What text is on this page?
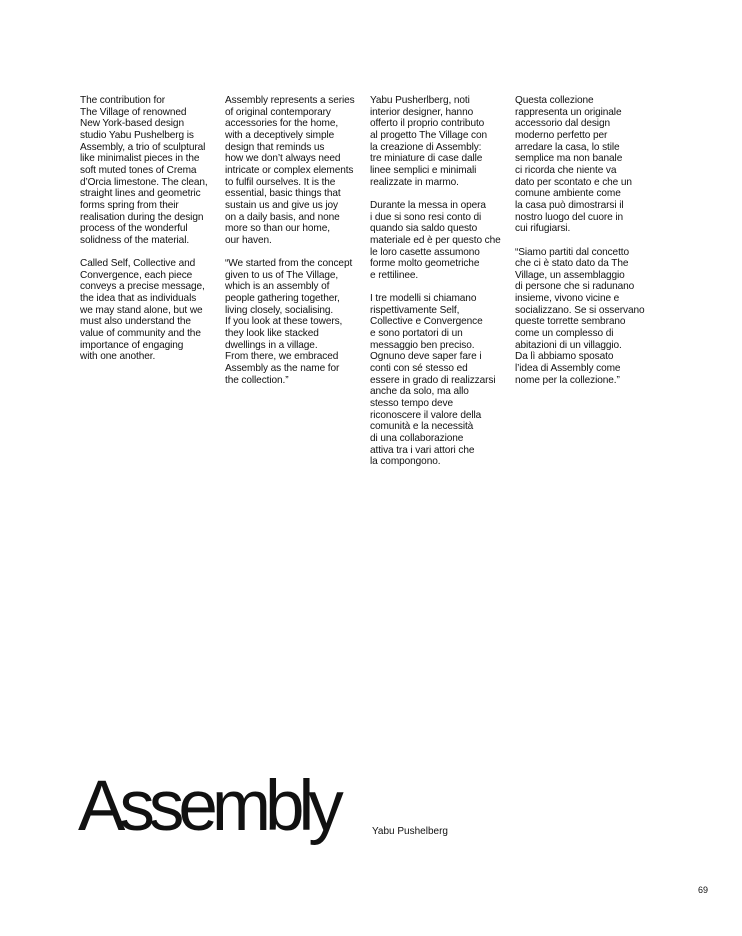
The contribution for
The Village of renowned
New York-based design
studio Yabu Pushelberg is
Assembly, a trio of sculptural
like minimalist pieces in the
soft muted tones of Crema
d’Orcia limestone. The clean,
straight lines and geometric
forms spring from their
realisation during the design
process of the wonderful
solidness of the material.

Called Self, Collective and
Convergence, each piece
conveys a precise message,
the idea that as individuals
we may stand alone, but we
must also understand the
value of community and the
importance of engaging
with one another.

Assembly represents a series
of original contemporary
accessories for the home,
with a deceptively simple
design that reminds us
how we don’t always need
intricate or complex elements
to fulfil ourselves. It is the
essential, basic things that
sustain us and give us joy
on a daily basis, and none
more so than our home,
our haven.

“We started from the concept
given to us of The Village,
which is an assembly of
people gathering together,
living closely, socialising.
If you look at these towers,
they look like stacked
dwellings in a village.
From there, we embraced
Assembly as the name for
the collection.”

Yabu Pusherlberg, noti
interior designer, hanno
offerto il proprio contributo
al progetto The Village con
la creazione di Assembly:
tre miniature di case dalle
linee semplici e minimali
realizzate in marmo.

Durante la messa in opera
i due si sono resi conto di
quando sia saldo questo
materiale ed è per questo che
le loro casette assumono
forme molto geometriche
e rettilinee.

I tre modelli si chiamano
rispettivamente Self,
Collective e Convergence
e sono portatori di un
messaggio ben preciso.
Ognuno deve saper fare i
conti con sé stesso ed
essere in grado di realizzarsi
anche da solo, ma allo
stesso tempo deve
riconoscere il valore della
comunità e la necessità
di una collaborazione
attiva tra i vari attori che
la compongono.

Questa collezione
rappresenta un originale
accessorio dal design
moderno perfetto per
arredare la casa, lo stile
semplice ma non banale
ci ricorda che niente va
dato per scontato e che un
comune ambiente come
la casa può dimostrarsi il
nostro luogo del cuore in
cui rifugiarsi.

“Siamo partiti dal concetto
che ci è stato dato da The
Village, un assemblaggio
di persone che si radunano
insieme, vivono vicine e
socializzano. Se si osservano
queste torrette sembrano
come un complesso di
abitazioni di un villaggio.
Da lì abbiamo sposato
l’idea di Assembly come
nome per la collezione.”

Assembly	Yabu Pushelberg
69
